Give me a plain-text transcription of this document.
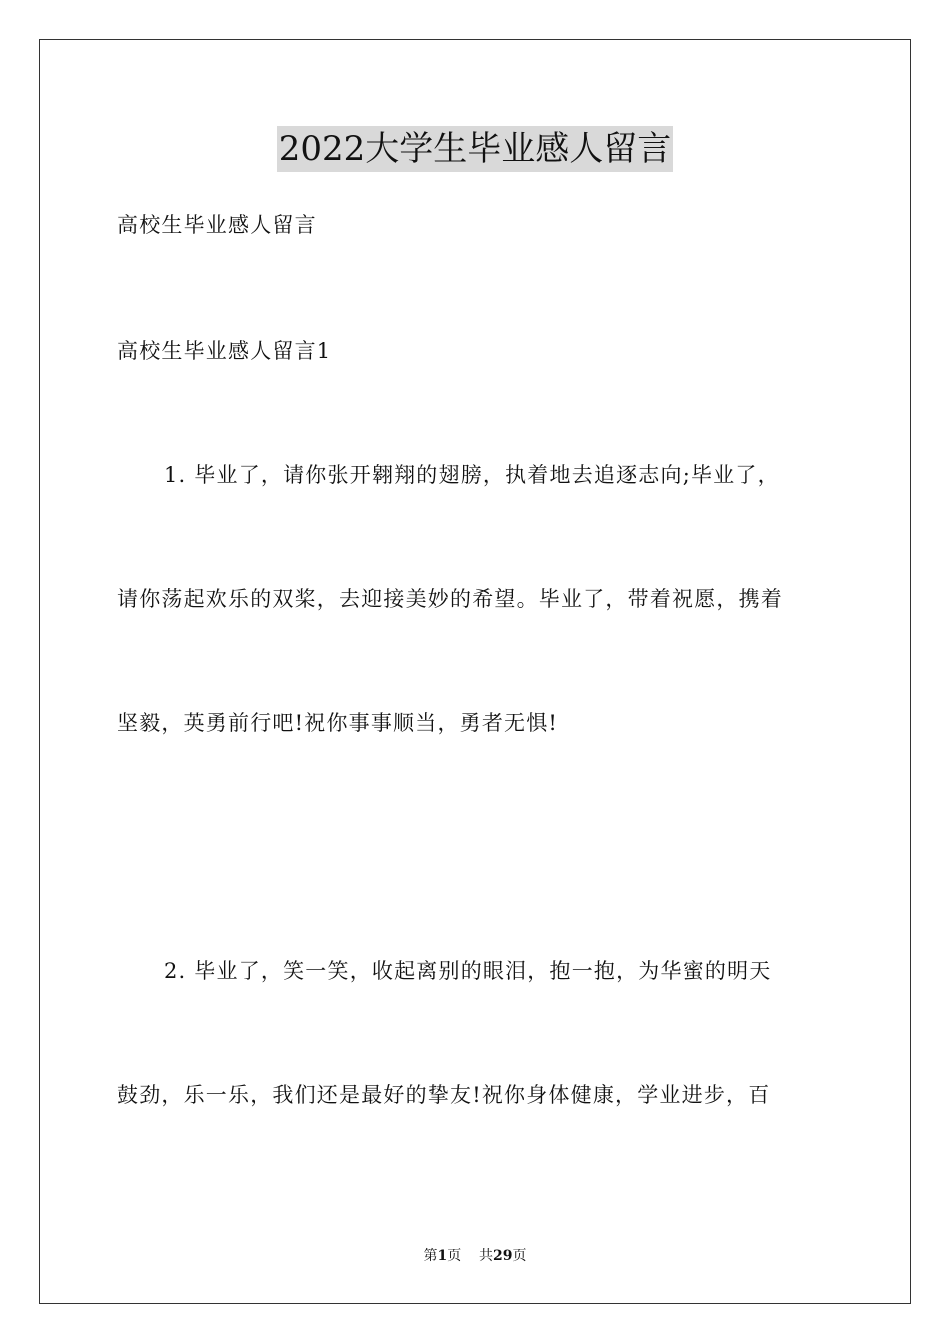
2022大学生毕业感人留言

高校生毕业感人留言

高校生毕业感人留言1

1. 毕业了，请你张开翱翔的翅膀，执着地去追逐志向;毕业了，

请你荡起欢乐的双桨，去迎接美妙的希望。毕业了，带着祝愿，携着

坚毅，英勇前行吧!祝你事事顺当，勇者无惧!

2. 毕业了，笑一笑，收起离别的眼泪，抱一抱，为华蜜的明天

鼓劲，乐一乐，我们还是最好的挚友!祝你身体健康，学业进步，百

第1页 共29页
